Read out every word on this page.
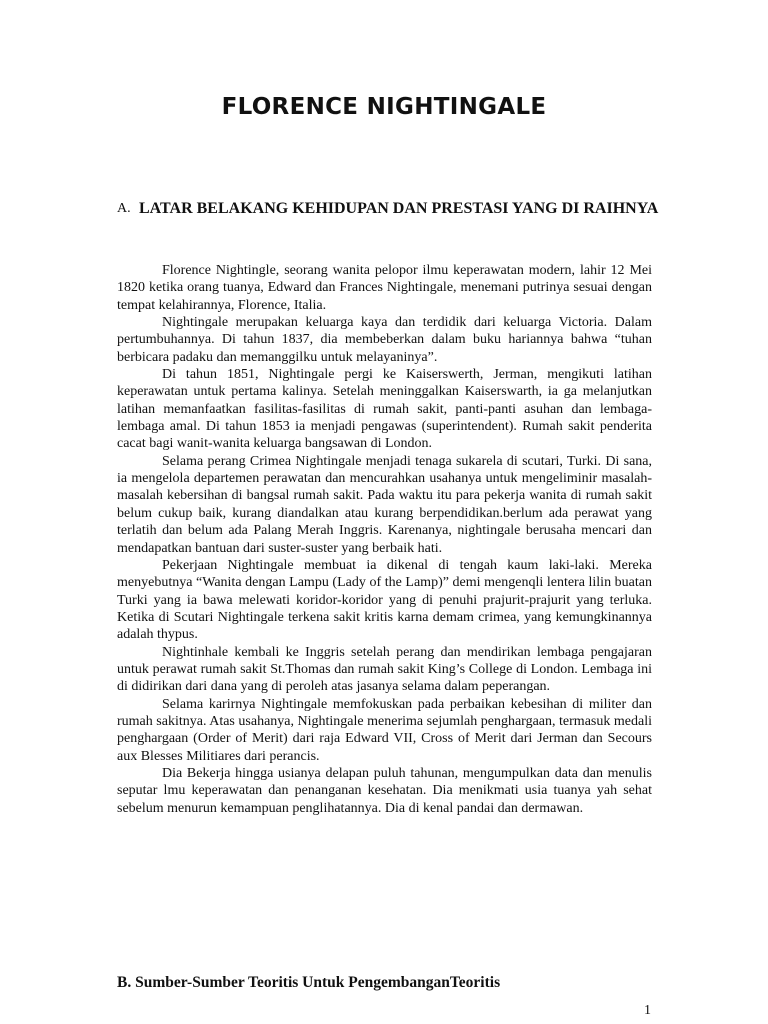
FLORENCE NIGHTINGALE
A. LATAR BELAKANG KEHIDUPAN DAN PRESTASI YANG DI RAIHNYA

Florence Nightingle, seorang wanita pelopor ilmu keperawatan modern, lahir 12 Mei 1820 ketika orang tuanya, Edward dan Frances Nightingale, menemani putrinya sesuai dengan tempat kelahirannya, Florence, Italia.

Nightingale merupakan keluarga kaya dan terdidik dari keluarga Victoria. Dalam pertumbuhannya. Di tahun 1837, dia membeberkan dalam buku hariannya bahwa “tuhan berbicara padaku dan memanggilku untuk melayaninya”.

Di tahun 1851, Nightingale pergi ke Kaiserswerth, Jerman, mengikuti latihan keperawatan untuk pertama kalinya. Setelah meninggalkan Kaiserswarth, ia ga melanjutkan latihan memanfaatkan fasilitas-fasilitas di rumah sakit, panti-panti asuhan dan lembaga-lembaga amal. Di tahun 1853 ia menjadi pengawas (superintendent). Rumah sakit penderita cacat bagi wanit-wanita keluarga bangsawan di London.

Selama perang Crimea Nightingale menjadi tenaga sukarela di scutari, Turki. Di sana, ia mengelola departemen perawatan dan mencurahkan usahanya untuk mengeliminir masalah-masalah kebersihan di bangsal rumah sakit. Pada waktu itu para pekerja wanita di rumah sakit belum cukup baik, kurang diandalkan atau kurang berpendidikan.berlum ada perawat yang terlatih dan belum ada Palang Merah Inggris. Karenanya, nightingale berusaha mencari dan mendapatkan bantuan dari suster-suster yang berbaik hati.

Pekerjaan Nightingale membuat ia dikenal di tengah kaum laki-laki. Mereka menyebutnya “Wanita dengan Lampu (Lady of the Lamp)” demi mengenqli lentera lilin buatan Turki yang ia bawa melewati koridor-koridor yang di penuhi prajurit-prajurit yang terluka. Ketika di Scutari Nightingale terkena sakit kritis karna demam crimea, yang kemungkinannya adalah thypus.

Nightinhale kembali ke Inggris setelah perang dan mendirikan lembaga pengajaran untuk perawat rumah sakit St.Thomas dan rumah sakit King’s College di London. Lembaga ini di didirikan dari dana yang di peroleh atas jasanya selama dalam peperangan.

Selama karirnya Nightingale memfokuskan pada perbaikan kebesihan di militer dan rumah sakitnya. Atas usahanya, Nightingale menerima sejumlah penghargaan, termasuk medali penghargaan (Order of Merit) dari raja Edward VII, Cross of Merit dari Jerman dan Secours aux Blesses Militiares dari perancis.

Dia Bekerja hingga usianya delapan puluh tahunan, mengumpulkan data dan menulis seputar lmu keperawatan dan penanganan kesehatan. Dia menikmati usia tuanya yah sehat sebelum menurun kemampuan penglihatannya. Dia di kenal pandai dan dermawan.

B. Sumber-Sumber Teoritis Untuk PengembanganTeoritis
1
